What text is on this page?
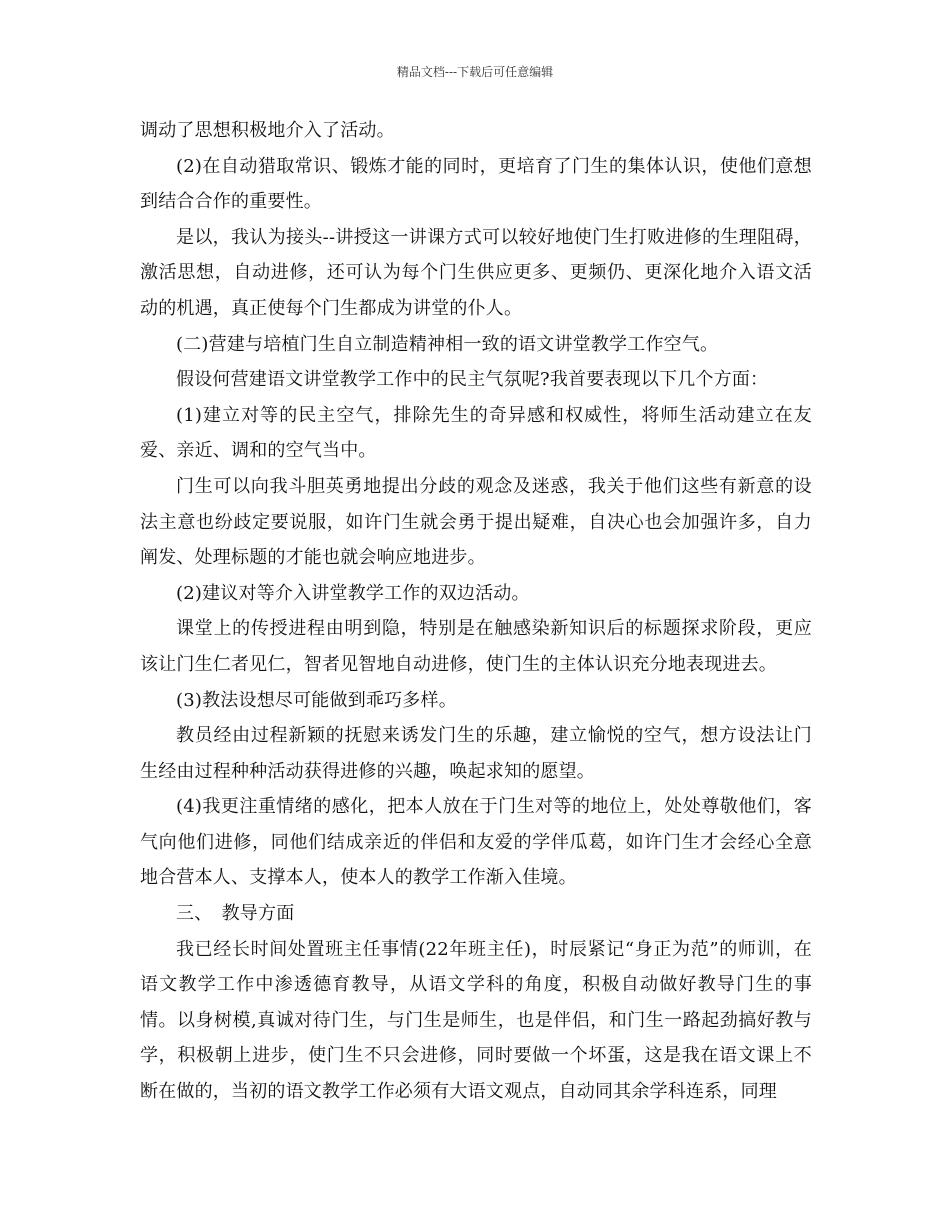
精品文档---下载后可任意编辑

调动了思想积极地介入了活动。

(2)在自动猎取常识、锻炼才能的同时，更培育了门生的集体认识，使他们意想到结合合作的重要性。

是以，我认为接头--讲授这一讲课方式可以较好地使门生打败进修的生理阻碍，激活思想，自动进修，还可认为每个门生供应更多、更频仍、更深化地介入语文活动的机遇，真正使每个门生都成为讲堂的仆人。

(二)营建与培植门生自立制造精神相一致的语文讲堂教学工作空气。

假设何营建语文讲堂教学工作中的民主气氛呢?我首要表现以下几个方面：

(1)建立对等的民主空气，排除先生的奇异感和权威性，将师生活动建立在友爱、亲近、调和的空气当中。

门生可以向我斗胆英勇地提出分歧的观念及迷惑，我关于他们这些有新意的设法主意也纷歧定要说服，如许门生就会勇于提出疑难，自决心也会加强许多，自力阐发、处理标题的才能也就会响应地进步。

(2)建议对等介入讲堂教学工作的双边活动。

课堂上的传授进程由明到隐，特别是在触感染新知识后的标题探求阶段，更应该让门生仁者见仁，智者见智地自动进修，使门生的主体认识充分地表现进去。

(3)教法设想尽可能做到乖巧多样。

教员经由过程新颖的抚慰来诱发门生的乐趣，建立愉悦的空气，想方设法让门生经由过程种种活动获得进修的兴趣，唤起求知的愿望。

(4)我更注重情绪的感化，把本人放在于门生对等的地位上，处处尊敬他们，客气向他们进修，同他们结成亲近的伴侣和友爱的学伴瓜葛，如许门生才会经心全意地合营本人、支撑本人，使本人的教学工作渐入佳境。

三、　教导方面

我已经长时间处置班主任事情(22年班主任)，时辰紧记“身正为范”的师训，在语文教学工作中渗透德育教导，从语文学科的角度，积极自动做好教导门生的事情。以身树模,真诚对待门生，与门生是师生，也是伴侣，和门生一路起劲搞好教与学，积极朝上进步，使门生不只会进修，同时要做一个坏蛋，这是我在语文课上不断在做的，当初的语文教学工作必须有大语文观点，自动同其余学科连系，同理
